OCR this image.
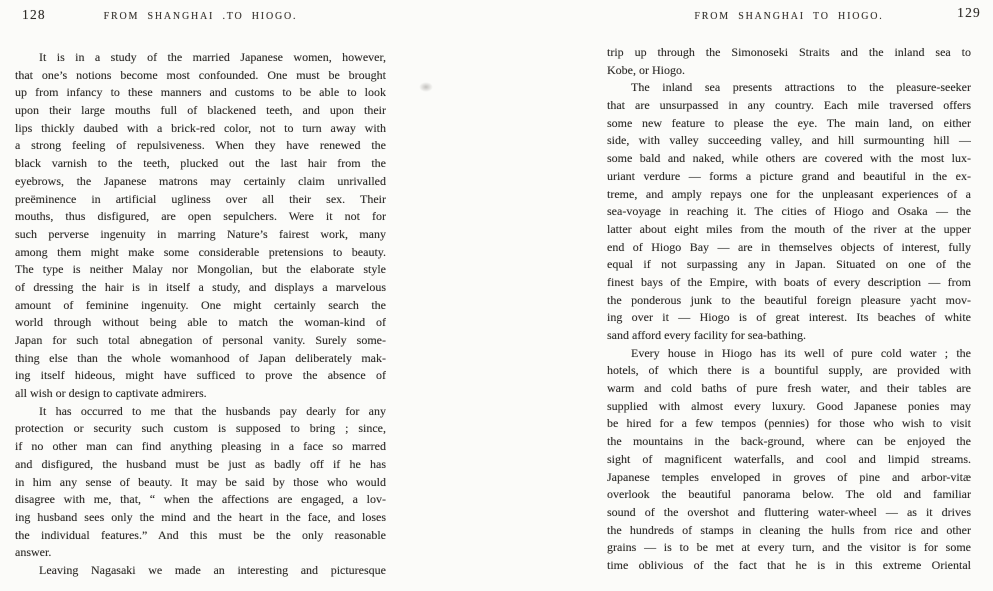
128	FROM SHANGHAI .TO HIOGO.
It is in a study of the married Japanese women, however,
that one’s notions become most confounded. One must be brought
up from infancy to these manners and customs to be able to look
upon their large mouths full of blackened teeth, and upon their
lips thickly daubed with a brick-red color, not to turn away with
a strong feeling of repulsiveness. When they have renewed the
black varnish to the teeth, plucked out the last hair from the
eyebrows, the Japanese matrons may certainly claim unrivalled
preëminence in artificial ugliness over all their sex. Their
mouths, thus disfigured, are open sepulchers. Were it not for
such perverse ingenuity in marring Nature’s fairest work, many
among them might make some considerable pretensions to beauty.
The type is neither Malay nor Mongolian, but the elaborate style
of dressing the hair is in itself a study, and displays a marvelous
amount of feminine ingenuity. One might certainly search the
world through without being able to match the woman-kind of
Japan for such total abnegation of personal vanity. Surely some-
thing else than the whole womanhood of Japan deliberately mak-
ing itself hideous, might have sufficed to prove the absence of
all wish or design to captivate admirers.
It has occurred to me that the husbands pay dearly for any
protection or security such custom is supposed to bring ; since,
if no other man can find anything pleasing in a face so marred
and disfigured, the husband must be just as badly off if he has
in him any sense of beauty. It may be said by those who would
disagree with me, that, “ when the affections are engaged, a lov-
ing husband sees only the mind and the heart in the face, and loses
the individual features.” And this must be the only reasonable
answer.
Leaving Nagasaki we made an interesting and picturesque
129
FROM SHANGHAI TO HIOGO.
trip up through the Simonoseki Straits and the inland sea to
Kobe, or Hiogo.
The inland sea presents attractions to the pleasure-seeker
that are unsurpassed in any country. Each mile traversed offers
some new feature to please the eye. The main land, on either
side, with valley succeeding valley, and hill surmounting hill —
some bald and naked, while others are covered with the most lux-
uriant verdure — forms a picture grand and beautiful in the ex-
treme, and amply repays one for the unpleasant experiences of a
sea-voyage in reaching it. The cities of Hiogo and Osaka — the
latter about eight miles from the mouth of the river at the upper
end of Hiogo Bay — are in themselves objects of interest, fully
equal if not surpassing any in Japan. Situated on one of the
finest bays of the Empire, with boats of every description — from
the ponderous junk to the beautiful foreign pleasure yacht mov-
ing over it — Hiogo is of great interest. Its beaches of white
sand afford every facility for sea-bathing.
Every house in Hiogo has its well of pure cold water ; the
hotels, of which there is a bountiful supply, are provided with
warm and cold baths of pure fresh water, and their tables are
supplied with almost every luxury. Good Japanese ponies may
be hired for a few tempos (pennies) for those who wish to visit
the mountains in the back-ground, where can be enjoyed the
sight of magnificent waterfalls, and cool and limpid streams.
Japanese temples enveloped in groves of pine and arbor-vitæ
overlook the beautiful panorama below. The old and familiar
sound of the overshot and fluttering water-wheel — as it drives
the hundreds of stamps in cleaning the hulls from rice and other
grains — is to be met at every turn, and the visitor is for some
time oblivious of the fact that he is in this extreme Oriental
